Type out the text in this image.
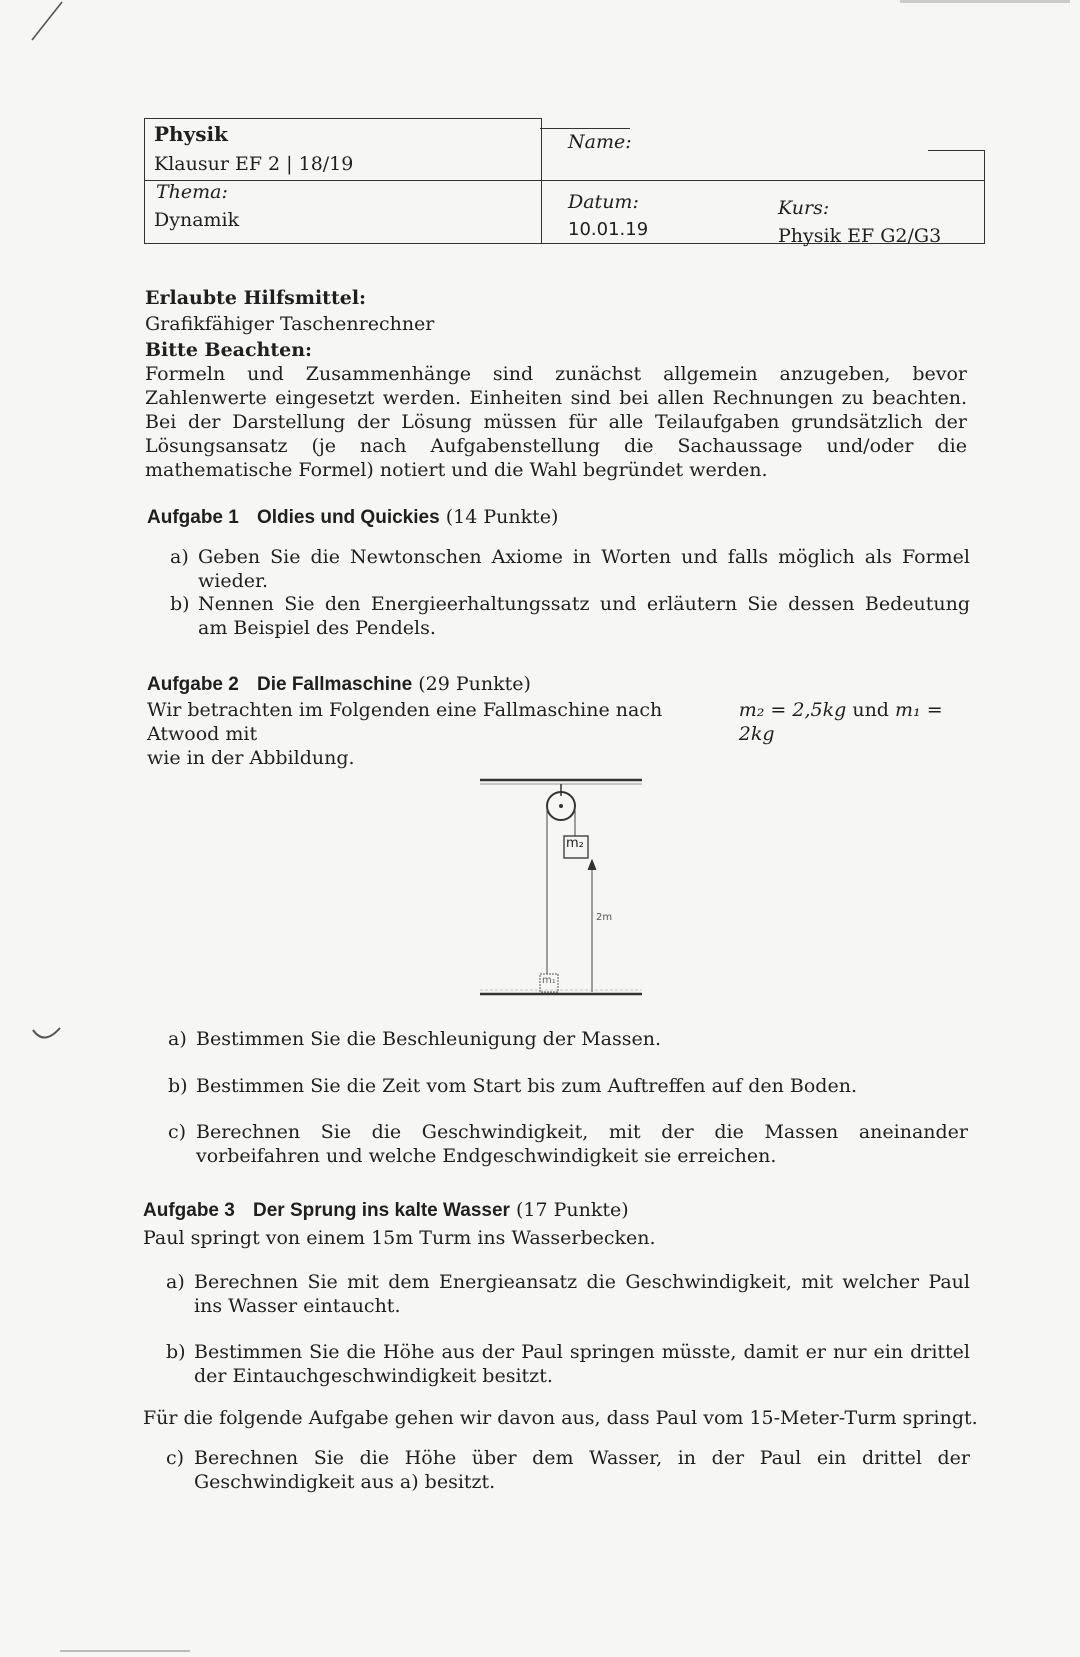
Physik
Klausur EF 2 | 18/19
Name:
Thema:
Dynamik
Datum:
10.01.19
Kurs:
Physik EF G2/G3
Erlaubte Hilfsmittel:
Grafikfähiger Taschenrechner
Bitte Beachten:
Formeln und Zusammenhänge sind zunächst allgemein anzugeben, bevor Zahlenwerte eingesetzt werden. Einheiten sind bei allen Rechnungen zu beachten. Bei der Darstellung der Lösung müssen für alle Teilaufgaben grundsätzlich der Lösungsansatz (je nach Aufgabenstellung die Sachaussage und/oder die mathematische Formel) notiert und die Wahl begründet werden.
Aufgabe 1 Oldies und Quickies (14 Punkte)
a) Geben Sie die Newtonschen Axiome in Worten und falls möglich als Formel wieder.
b) Nennen Sie den Energieerhaltungssatz und erläutern Sie dessen Bedeutung am Beispiel des Pendels.
Aufgabe 2 Die Fallmaschine (29 Punkte)
Wir betrachten im Folgenden eine Fallmaschine nach Atwood mit
m₂ = 2,5kg und m₁ = 2kg
wie in der Abbildung.
m₂
2m
m₁
a) Bestimmen Sie die Beschleunigung der Massen.
b) Bestimmen Sie die Zeit vom Start bis zum Auftreffen auf den Boden.
c) Berechnen Sie die Geschwindigkeit, mit der die Massen aneinander vorbeifahren und welche Endgeschwindigkeit sie erreichen.
Aufgabe 3 Der Sprung ins kalte Wasser (17 Punkte)
Paul springt von einem 15m Turm ins Wasserbecken.
a) Berechnen Sie mit dem Energieansatz die Geschwindigkeit, mit welcher Paul ins Wasser eintaucht.
b) Bestimmen Sie die Höhe aus der Paul springen müsste, damit er nur ein drittel der Eintauchgeschwindigkeit besitzt.
Für die folgende Aufgabe gehen wir davon aus, dass Paul vom 15-Meter-Turm springt.
c) Berechnen Sie die Höhe über dem Wasser, in der Paul ein drittel der Geschwindigkeit aus a) besitzt.
